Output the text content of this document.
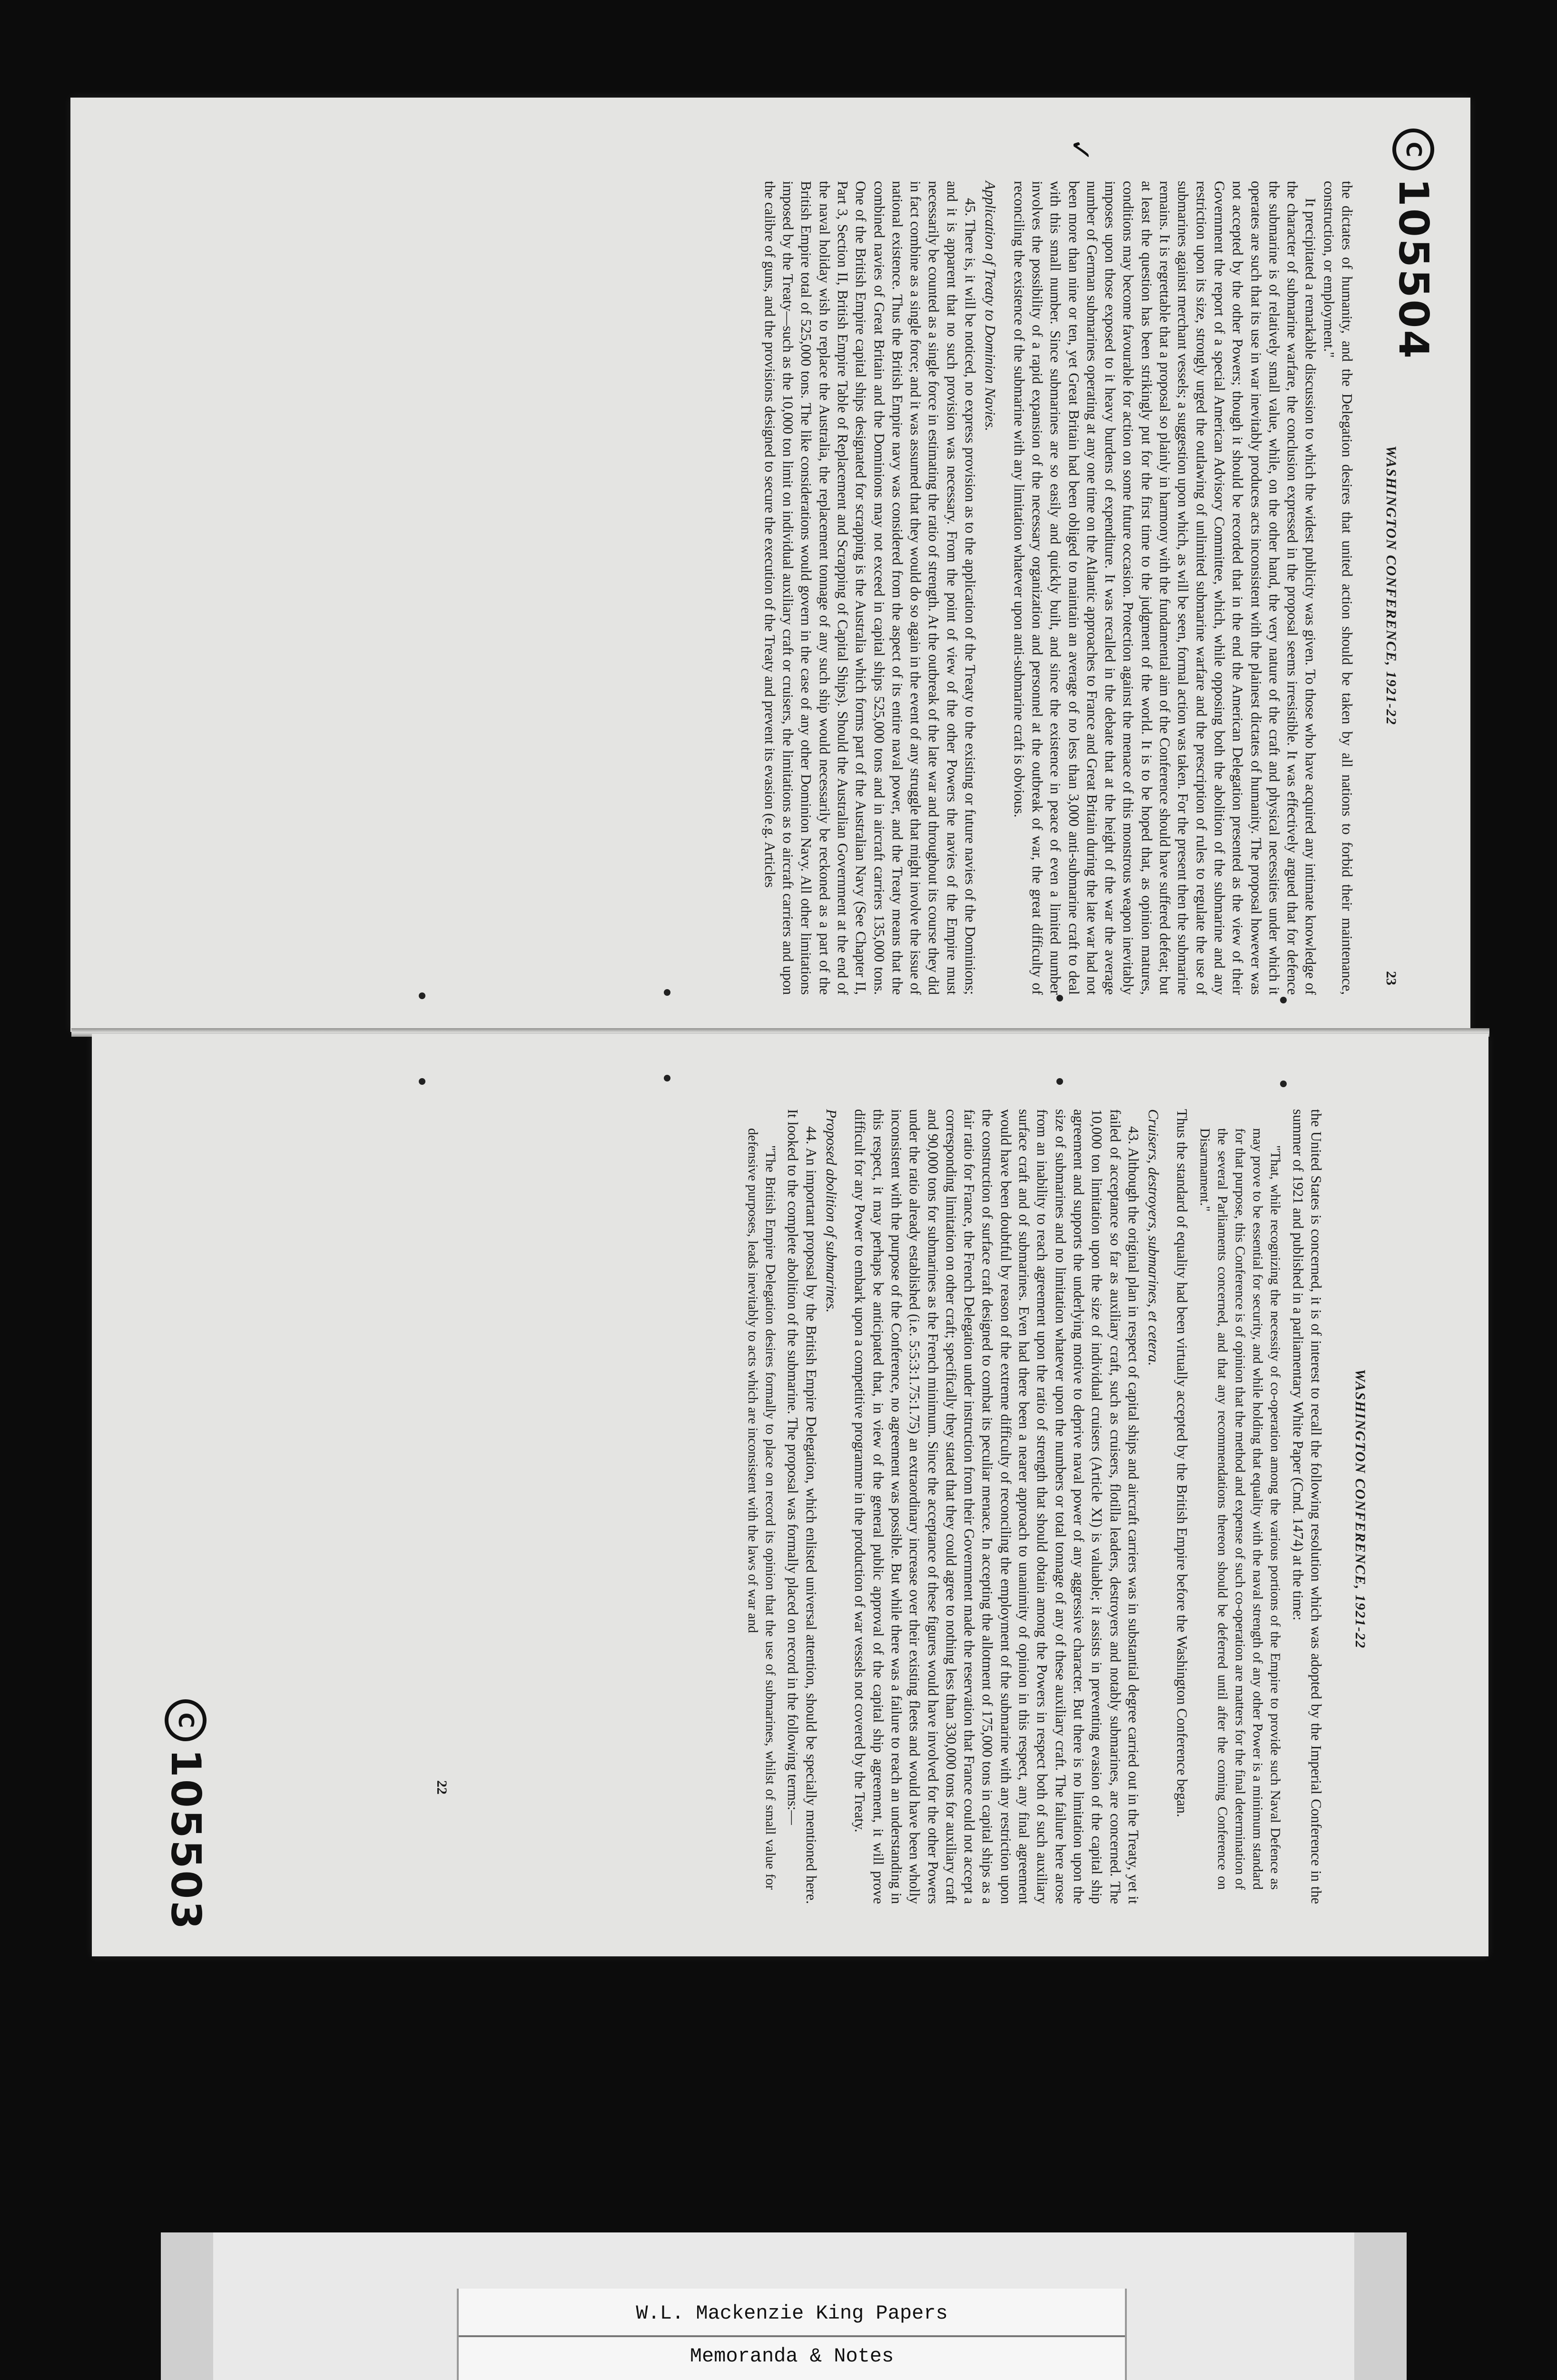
WASHINGTON CONFERENCE, 1921-22
23

the dictates of humanity, and the Delegation desires that united action should be taken by all nations to forbid their maintenance, construction, or employment."

It precipitated a remarkable discussion to which the widest publicity was given. To those who have acquired any intimate knowledge of the character of submarine warfare, the conclusion expressed in the proposal seems irresistible. It was effectively argued that for defence the submarine is of relatively small value, while, on the other hand, the very nature of the craft and physical necessities under which it operates are such that its use in war inevitably produces acts inconsistent with the plainest dictates of humanity. The proposal however was not accepted by the other Powers; though it should be recorded that in the end the American Delegation presented as the view of their Government the report of a special American Advisory Committee, which, while opposing both the abolition of the submarine and any restriction upon its size, strongly urged the outlawing of unlimited submarine warfare and the prescription of rules to regulate the use of submarines against merchant vessels; a suggestion upon which, as will be seen, formal action was taken. For the present then the submarine remains. It is regrettable that a proposal so plainly in harmony with the fundamental aim of the Conference should have suffered defeat; but at least the question has been strikingly put for the first time to the judgment of the world. It is to be hoped that, as opinion matures, conditions may become favourable for action on some future occasion. Protection against the menace of this monstrous weapon inevitably imposes upon those exposed to it heavy burdens of expenditure. It was recalled in the debate that at the height of the war the average number of German submarines operating at any one time on the Atlantic approaches to France and Great Britain during the late war had not been more than nine or ten, yet Great Britain had been obliged to maintain an average of no less than 3,000 anti-submarine craft to deal with this small number. Since submarines are so easily and quickly built, and since the existence in peace of even a limited number involves the possibility of a rapid expansion of the necessary organization and personnel at the outbreak of war, the great difficulty of reconciling the existence of the submarine with any limitation whatever upon anti-submarine craft is obvious.

Application of Treaty to Dominion Navies.

45. There is, it will be noticed, no express provision as to the application of the Treaty to the existing or future navies of the Dominions; and it is apparent that no such provision was necessary. From the point of view of the other Powers the navies of the Empire must necessarily be counted as a single force in estimating the ratio of strength. At the outbreak of the late war and throughout its course they did in fact combine as a single force; and it was assumed that they would do so again in the event of any struggle that might involve the issue of national existence. Thus the British Empire navy was considered from the aspect of its entire naval power, and the Treaty means that the combined navies of Great Britain and the Dominions may not exceed in capital ships 525,000 tons and in aircraft carriers 135,000 tons. One of the British Empire capital ships designated for scrapping is the Australia which forms part of the Australian Navy (See Chapter II, Part 3, Section II, British Empire Table of Replacement and Scrapping of Capital Ships). Should the Australian Government at the end of the naval holiday wish to replace the Australia, the replacement tonnage of any such ship would necessarily be reckoned as a part of the British Empire total of 525,000 tons. The like considerations would govern in the case of any other Dominion Navy. All other limitations imposed by the Treaty—such as the 10,000 ton limit on individual auxiliary craft or cruisers, the limitations as to aircraft carriers and upon the calibre of guns, and the provisions designed to secure the execution of the Treaty and prevent its evasion (e.g. Articles

C105504
WASHINGTON CONFERENCE, 1921-22
22	the United States is concerned, it is of interest to recall the following resolution which was adopted by the Imperial Conference in the summer of 1921 and published in a parliamentary White Paper (Cmd. 1474) at the time:

"That, while recognizing the necessity of co-operation among the various portions of the Empire to provide such Naval Defence as may prove to be essential for security, and while holding that equality with the naval strength of any other Power is a minimum standard for that purpose, this Conference is of opinion that the method and expense of such co-operation are matters for the final determination of the several Parliaments concerned, and that any recommendations thereon should be deferred until after the coming Conference on Disarmament."

Thus the standard of equality had been virtually accepted by the British Empire before the Washington Conference began.

Cruisers, destroyers, submarines, et cetera.

43. Although the original plan in respect of capital ships and aircraft carriers was in substantial degree carried out in the Treaty, yet it failed of acceptance so far as auxiliary craft, such as cruisers, flotilla leaders, destroyers and notably submarines, are concerned. The 10,000 ton limitation upon the size of individual cruisers (Article XI) is valuable; it assists in preventing evasion of the capital ship agreement and supports the underlying motive to deprive naval power of any aggressive character. But there is no limitation upon the size of submarines and no limitation whatever upon the numbers or total tonnage of any of these auxiliary craft. The failure here arose from an inability to reach agreement upon the ratio of strength that should obtain among the Powers in respect both of such auxiliary surface craft and of submarines. Even had there been a nearer approach to unanimity of opinion in this respect, any final agreement would have been doubtful by reason of the extreme difficulty of reconciling the employment of the submarine with any restriction upon the construction of surface craft designed to combat its peculiar menace. In accepting the allotment of 175,000 tons in capital ships as a fair ratio for France, the French Delegation under instruction from their Government made the reservation that France could not accept a corresponding limitation on other craft; specifically they stated that they could agree to nothing less than 330,000 tons for auxiliary craft and 90,000 tons for submarines as the French minimum. Since the acceptance of these figures would have involved for the other Powers under the ratio already established (i.e. 5:5:3:1.75:1.75) an extraordinary increase over their existing fleets and would have been wholly inconsistent with the purpose of the Conference, no agreement was possible. But while there was a failure to reach an understanding in this respect, it may perhaps be anticipated that, in view of the general public approval of the capital ship agreement, it will prove difficult for any Power to embark upon a competitive programme in the production of war vessels not covered by the Treaty.

Proposed abolition of submarines.

44. An important proposal by the British Empire Delegation, which enlisted universal attention, should be specially mentioned here. It looked to the complete abolition of the submarine. The proposal was formally placed on record in the following terms:—

"The British Empire Delegation desires formally to place on record its opinion that the use of submarines, whilst of small value for defensive purposes, leads inevitably to acts which are inconsistent with the laws of war and

C105503
✓
W.L. Mackenzie King Papers
Memoranda & Notes
